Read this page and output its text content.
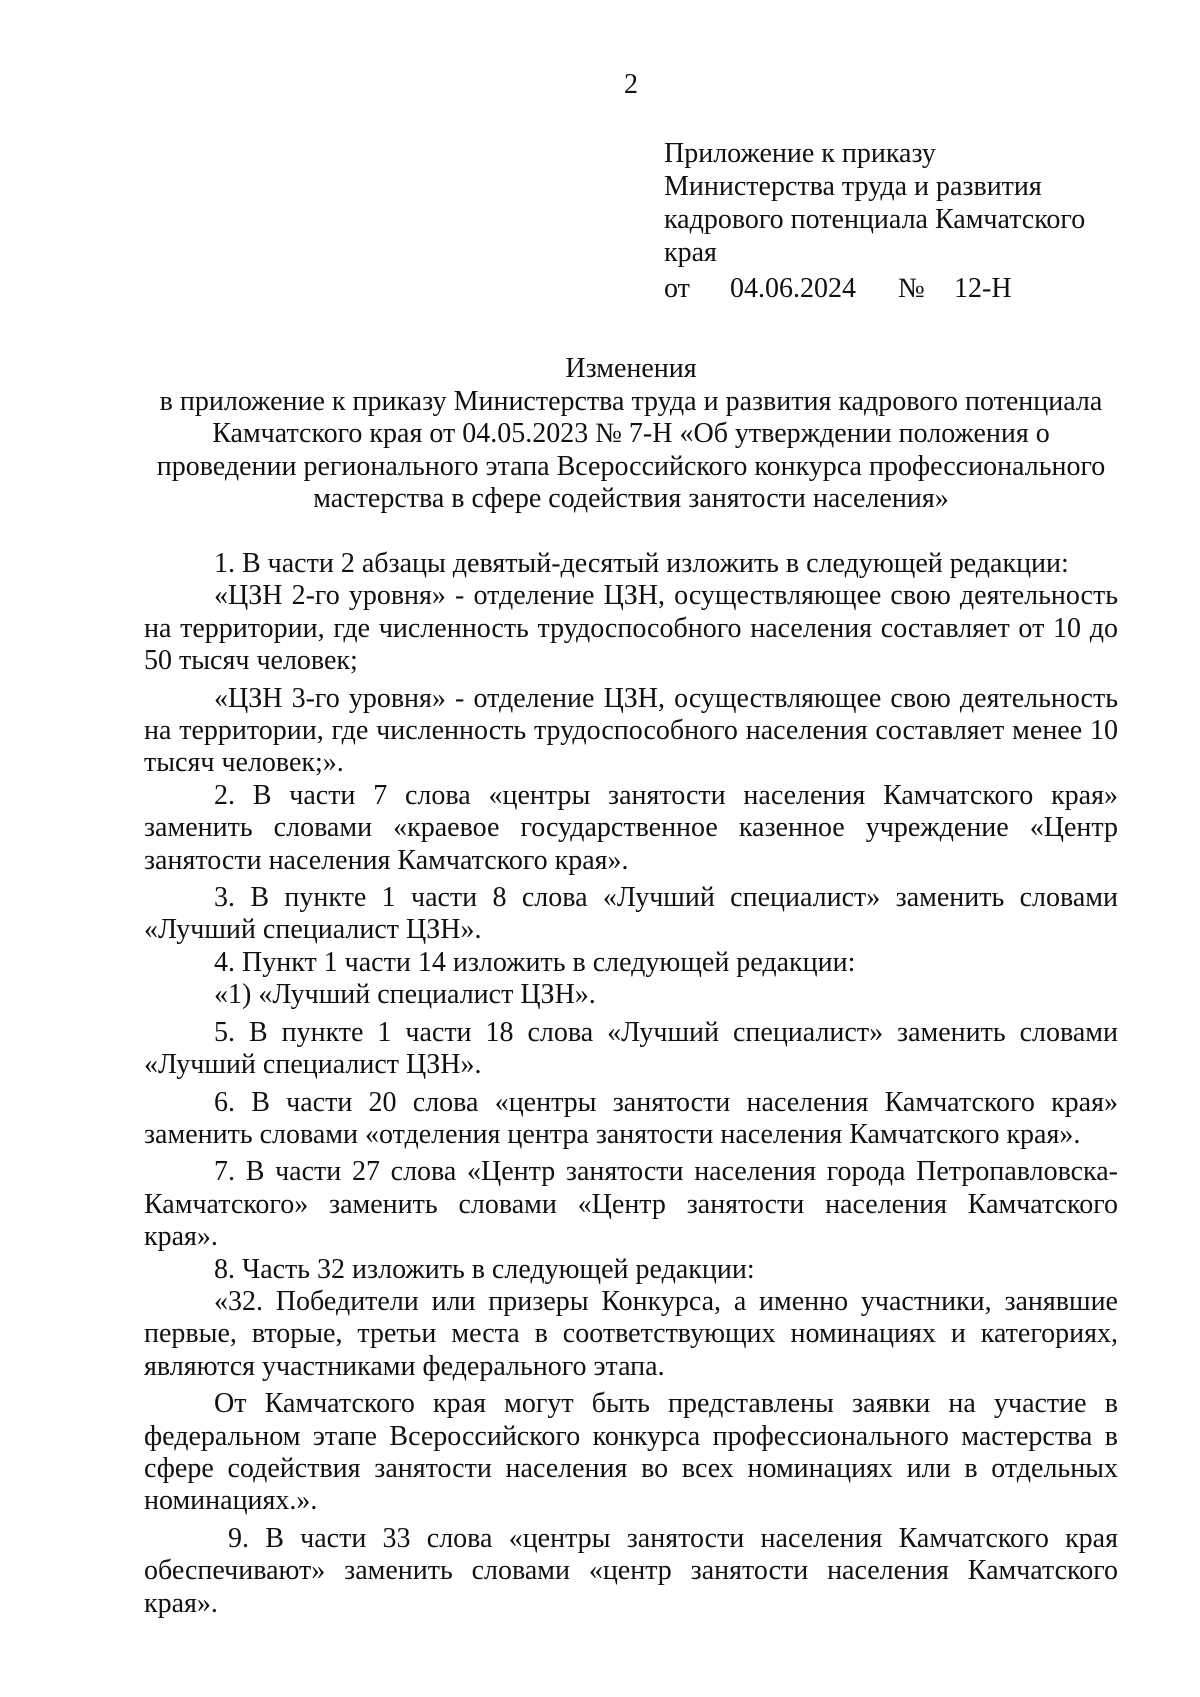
2
Приложение к приказу
Министерства труда и развития
кадрового потенциала Камчатского
края
от 04.06.2024 № 12-Н
Изменения
в приложение к приказу Министерства труда и развития кадрового потенциала
Камчатского края от 04.05.2023 № 7-Н «Об утверждении положения о
проведении регионального этапа Всероссийского конкурса профессионального
мастерства в сфере содействия занятости населения»
1. В части 2 абзацы девятый-десятый изложить в следующей редакции:
«ЦЗН 2-го уровня» - отделение ЦЗН, осуществляющее свою деятельность
на территории, где численность трудоспособного населения составляет от 10 до
50 тысяч человек;
«ЦЗН 3-го уровня» - отделение ЦЗН, осуществляющее свою деятельность
на территории, где численность трудоспособного населения составляет менее 10
тысяч человек;».
2. В части 7 слова «центры занятости населения Камчатского края»
заменить словами «краевое государственное казенное учреждение «Центр
занятости населения Камчатского края».
3. В пункте 1 части 8 слова «Лучший специалист» заменить словами
«Лучший специалист ЦЗН».
4. Пункт 1 части 14 изложить в следующей редакции:
«1) «Лучший специалист ЦЗН».
5. В пункте 1 части 18 слова «Лучший специалист» заменить словами
«Лучший специалист ЦЗН».
6. В части 20 слова «центры занятости населения Камчатского края»
заменить словами «отделения центра занятости населения Камчатского края».
7. В части 27 слова «Центр занятости населения города Петропавловска-
Камчатского» заменить словами «Центр занятости населения Камчатского
края».
8. Часть 32 изложить в следующей редакции:
«32. Победители или призеры Конкурса, а именно участники, занявшие
первые, вторые, третьи места в соответствующих номинациях и категориях,
являются участниками федерального этапа.
От Камчатского края могут быть представлены заявки на участие в
федеральном этапе Всероссийского конкурса профессионального мастерства в
сфере содействия занятости населения во всех номинациях или в отдельных
номинациях.».
9. В части 33 слова «центры занятости населения Камчатского края
обеспечивают» заменить словами «центр занятости населения Камчатского
края».
